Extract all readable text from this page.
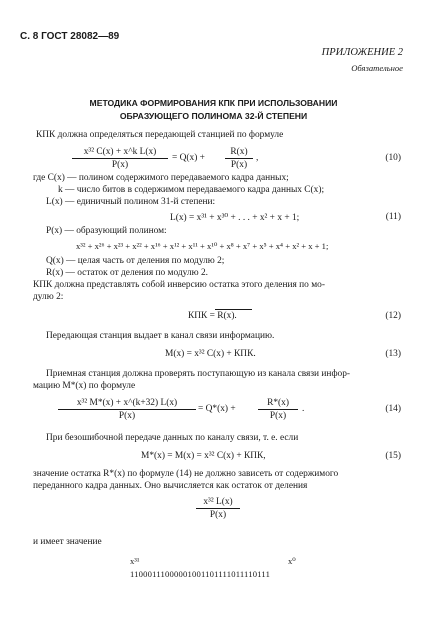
С. 8 ГОСТ 28082—89
ПРИЛОЖЕНИЕ 2
Обязательное
МЕТОДИКА ФОРМИРОВАНИЯ КПК ПРИ ИСПОЛЬЗОВАНИИ
ОБРАЗУЮЩЕГО ПОЛИНОМА 32-Й СТЕПЕНИ
КПК должна определяться передающей станцией по формуле
$\frac{\text{x³² C(x) + x\textasciicircum{}k L(x)}}{P(x)} = Q(x) + \frac{R(x)}{P(x)}$ ,	(10)
где C(x) — полином содержимого передаваемого кадра данных;
k — число битов в содержимом передаваемого кадра данных C(x);
L(x) — единичный полином 31-й степени:
L(x) = x³¹ + x³⁰ + . . . + x² + x + 1;	(11)
P(x) — образующий полином:
x³² + x²⁶ + x²³ + x²² + x¹⁶ + x¹² + x¹¹ + x¹⁰ + x⁸ + x⁷ + x⁵ + x⁴ + x² + x + 1;
Q(x) — целая часть от деления по модулю 2;
R(x) — остаток от деления по модулю 2.
КПК должна представлять собой инверсию остатка этого деления по мо-
дулю 2:
КПК = R(x).	(12)
Передающая станция выдает в канал связи информацию.
M(x) = x³² C(x) + КПК.	(13)
Приемная станция должна проверять поступающую из канала связи инфор-
мацию M*(x) по формуле
$\frac{\text{x³² M*(x) + x\textasciicircum{}(k+32) L(x)}}{P(x)} = Q*(x) + \frac{R*(x)}{P(x)}$ .	(14)
При безошибочной передаче данных по каналу связи, т. е. если
M*(x) = M(x) = x³² C(x) + КПК,	(15)
значение остатка R*(x) по формуле (14) не должно зависеть от содержимого
переданного кадра данных. Оно вычисляется как остаток от деления
$\frac{\text{x³² L(x)}}{P(x)}$
и имеет значение
x³¹	x⁰
11000111000001001101111011110111
